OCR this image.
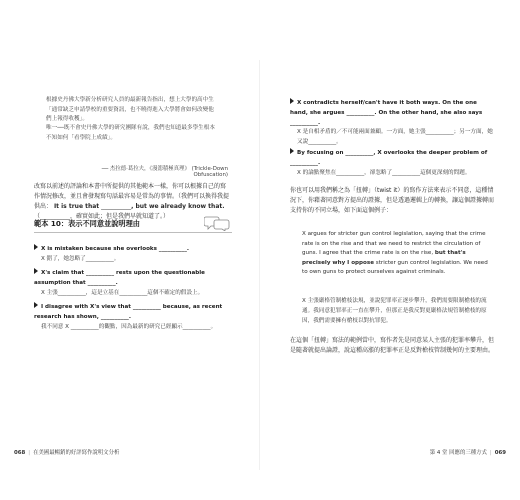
根據史丹佛大學新分析研究人員的最新報告指出，想上大學的高中生「通常缺乏申請學校的重要資訊，也不曉得進入大學將會如何改變他們上報得收穫」。

唯一──既不會史丹佛大學的研究團隊有說，我們也知道最多學生根本不知如何「看學院上成績」。

── 杰拉德·葛拉夫，《漫漶積極真理》 (Trickle-Down Obfuscation)

改寫以前述的評論和本書中所提供的其他範本一樣，你可以根據自己的寫作情況修改，並且會發現寫句話最容易是常為的事情。（我們可以換得我提供出： It is true that __________, but we already know that. （__________，確實如此；但是我們早就知道了。）

範本 10：表示不同意並說明理由
X is mistaken because she overlooks __________.
X 錯了，她忽略了__________。
X's claim that __________ rests upon the questionable assumption that __________.
X 主張__________，這是立基在__________這個不確定的假設上。
I disagree with X's view that __________ because, as recent research has shown, __________.
我不同意 X __________的觀點，因為最新的研究已經顯示__________。
068 | 在美國最暢銷的好評寫作說明文分析
X contradicts herself/can't have it both ways. On the one hand, she argues __________. On the other hand, she also says __________.
X 是自相矛盾的／不可能兩面兼顧。一方面，她主張__________；另一方面，她又說__________。
By focusing on __________, X overlooks the deeper problem of __________.
X 的論點聚焦在__________，卻忽略了__________這個更深刻的問題。

你也可以用我們稱之為「扭轉」（twist it）的寫作方法來表示不同意，這種情況下，你藉著同意對方提出的證據，但是透過邏輯上的轉換，讓這個證據轉而支持你的不同立場，如下面這個例子：

X argues for stricter gun control legislation, saying that the crime rate is on the rise and that we need to restrict the circulation of guns. I agree that the crime rate is on the rise, but that's precisely why I oppose stricter gun control legislation. We need to own guns to protect ourselves against criminals.

X 主張嚴格管制槍枝法規，並說犯罪率正逐步攀升，我們需要限制槍枝的流通。我同意犯罪率正一直在攀升，但那正是我反對更嚴格法規管制槍枝的原因，我們需要擁有槍枝以對抗罪犯。

在這個「扭轉」寫法的範例當中，寫作者先是同意某人主張的犯罪率攀升，但是隨著就提出論證，說這種高漲的犯罪率正是反對槍枝管制幾何的主要理由。

第 4 堂 回應的三種方式 | 069
